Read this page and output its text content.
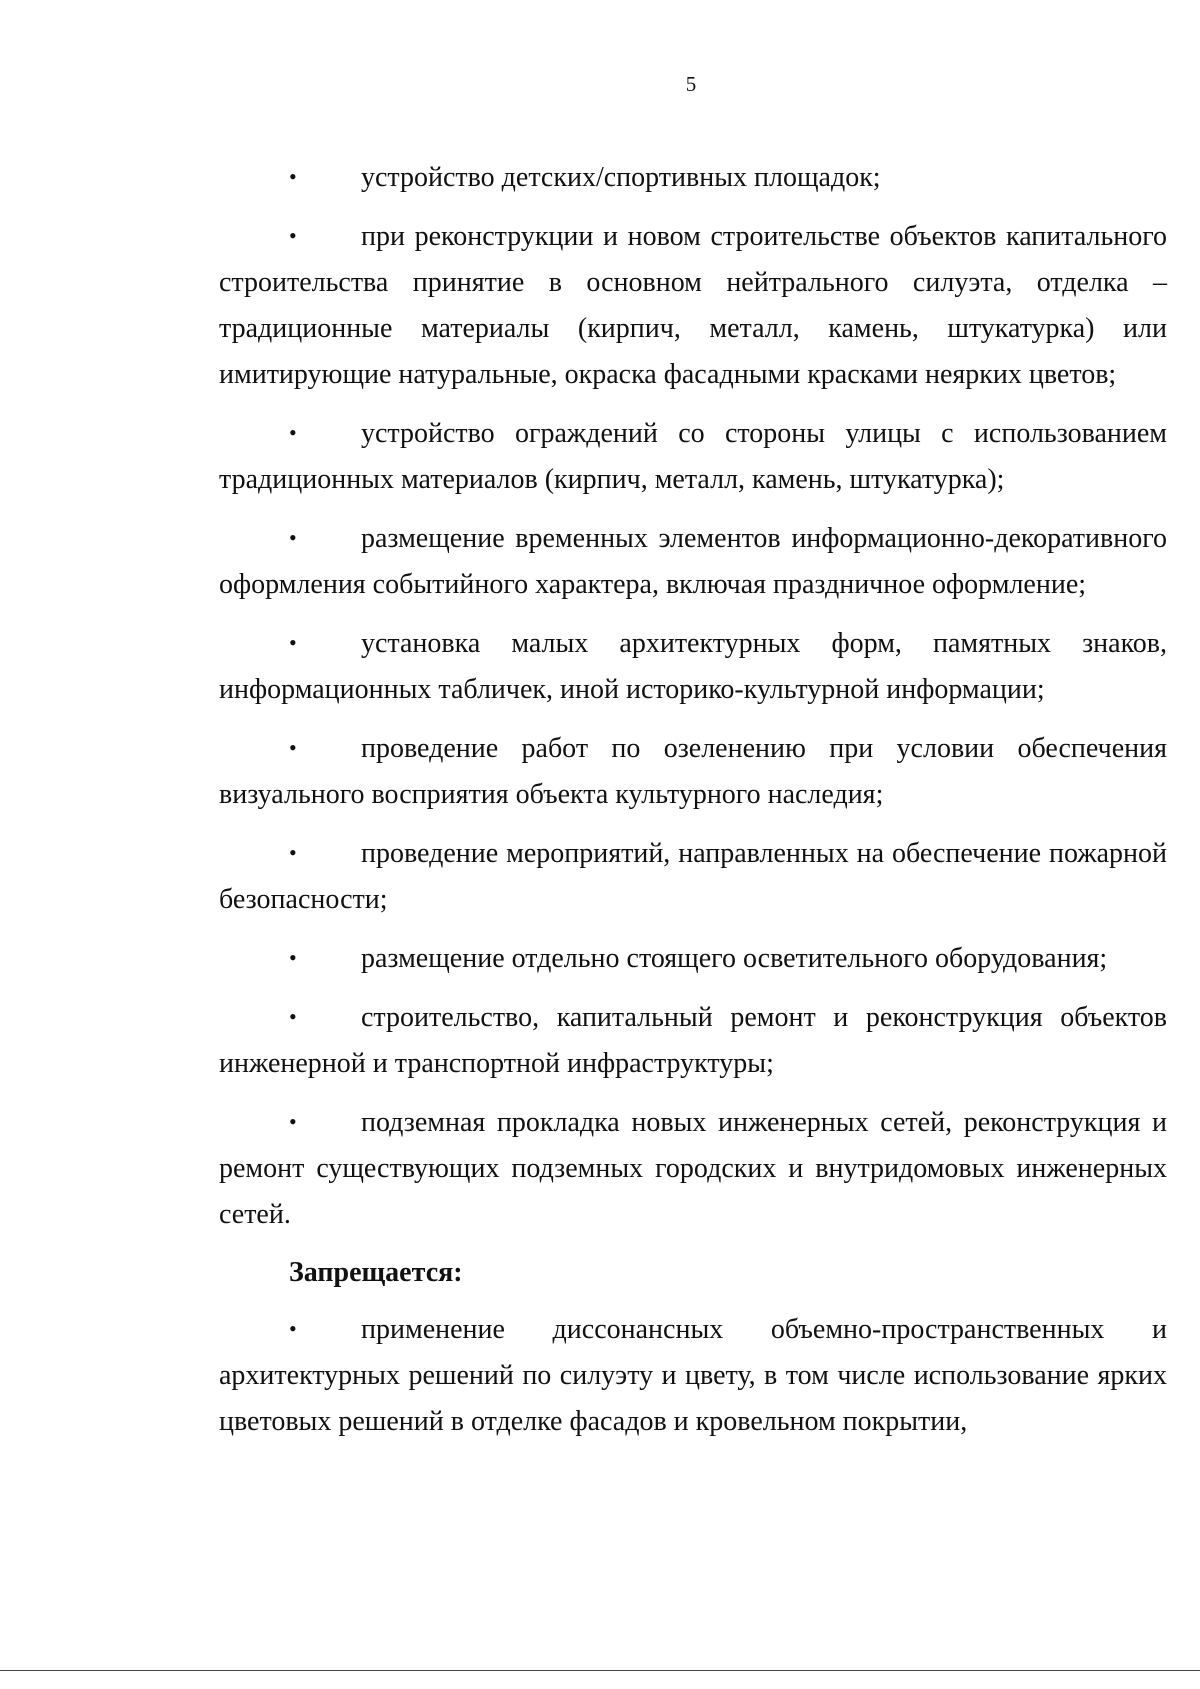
5

• устройство детских/спортивных площадок;

• при реконструкции и новом строительстве объектов капитального строительства принятие в основном нейтрального силуэта, отделка – традиционные материалы (кирпич, металл, камень, штукатурка) или имитирующие натуральные, окраска фасадными красками неярких цветов;

• устройство ограждений со стороны улицы с использованием традиционных материалов (кирпич, металл, камень, штукатурка);

• размещение временных элементов информационно-декоративного оформления событийного характера, включая праздничное оформление;

• установка малых архитектурных форм, памятных знаков, информационных табличек, иной историко-культурной информации;

• проведение работ по озеленению при условии обеспечения визуального восприятия объекта культурного наследия;

• проведение мероприятий, направленных на обеспечение пожарной безопасности;

• размещение отдельно стоящего осветительного оборудования;

• строительство, капитальный ремонт и реконструкция объектов инженерной и транспортной инфраструктуры;

• подземная прокладка новых инженерных сетей, реконструкция и ремонт существующих подземных городских и внутридомовых инженерных сетей.

Запрещается:

• применение диссонансных объемно-пространственных и архитектурных решений по силуэту и цвету, в том числе использование ярких цветовых решений в отделке фасадов и кровельном покрытии,
